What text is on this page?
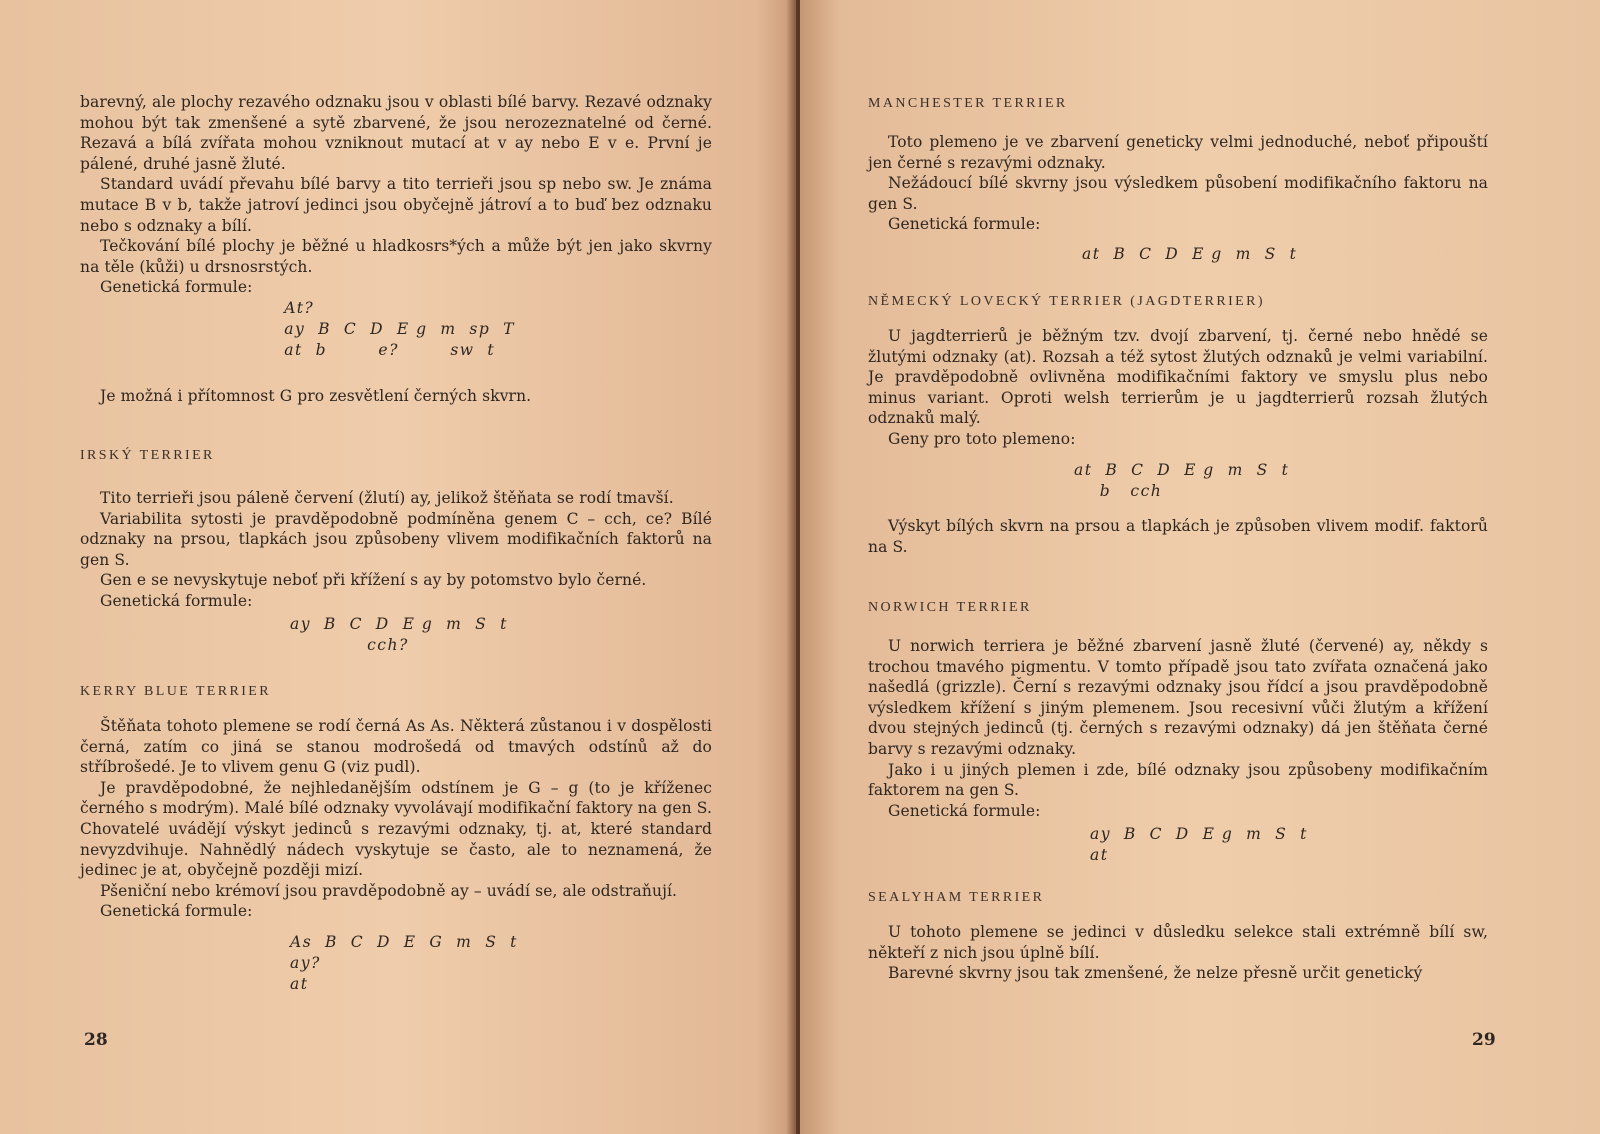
barevný, ale plochy rezavého odznaku jsou v oblasti bílé barvy. Rezavé odznaky mohou být tak zmenšené a sytě zbarvené, že jsou nerozeznatelné od černé. Rezavá a bílá zvířata mohou vzniknout mutací at v ay nebo E v e. První je pálené, druhé jasně žluté.

Standard uvádí převahu bílé barvy a tito terrieři jsou sp nebo sw. Je známa mutace B v b, takže jatroví jedinci jsou obyčejně játroví a to buď bez odznaku nebo s odznaky a bílí.

Tečkování bílé plochy je běžné u hladkosrs*ých a může být jen jako skvrny na těle (kůži) u drsnosrstých.

Genetická formule:

At?
ay  B  C  D  E g  m  sp  T
at  b        e?        sw  t

Je možná i přítomnost G pro zesvětlení černých skvrn.

IRSKÝ TERRIER

Tito terrieři jsou páleně červení (žlutí) ay, jelikož štěňata se rodí tmavší.

Variabilita sytosti je pravděpodobně podmíněna genem C – cch, ce? Bílé odznaky na prsou, tlapkách jsou způsobeny vlivem modifikačních faktorů na gen S.

Gen e se nevyskytuje neboť při křížení s ay by potomstvo bylo černé.

Genetická formule:

ay  B  C  D  E g  m  S  t
cch?
KERRY BLUE TERRIER

Štěňata tohoto plemene se rodí černá As As. Některá zůstanou i v dospělosti černá, zatím co jiná se stanou modrošedá od tmavých odstínů až do stříbrošedé. Je to vlivem genu G (viz pudl).

Je pravděpodobné, že nejhledanějším odstínem je G – g (to je kříženec černého s modrým). Malé bílé odznaky vyvolávají modifikační faktory na gen S. Chovatelé uvádějí výskyt jedinců s rezavými odznaky, tj. at, které standard nevyzdvihuje. Nahnědlý nádech vyskytuje se často, ale to neznamená, že jedinec je at, obyčejně později mizí.

Pšeniční nebo krémoví jsou pravděpodobně ay – uvádí se, ale odstraňují.

Genetická formule:

As  B  C  D  E  G  m  S  t
ay?
at
28
MANCHESTER TERRIER

Toto plemeno je ve zbarvení geneticky velmi jednoduché, neboť připouští jen černé s rezavými odznaky.

Nežádoucí bílé skvrny jsou výsledkem působení modifikačního faktoru na gen S.

Genetická formule:

at  B  C  D  E g  m  S  t
NĚMECKÝ LOVECKÝ TERRIER (JAGDTERRIER)

U jagdterrierů je běžným tzv. dvojí zbarvení, tj. černé nebo hnědé se žlutými odznaky (at). Rozsah a též sytost žlutých odznaků je velmi variabilní. Je pravděpodobně ovlivněna modifikačními faktory ve smyslu plus nebo minus variant. Oproti welsh terrierům je u jagdterrierů rozsah žlutých odznaků malý.

Geny pro toto plemeno:

at  B  C  D  E g  m  S  t
b   cch

Výskyt bílých skvrn na prsou a tlapkách je způsoben vlivem modif. faktorů na S.

NORWICH TERRIER

U norwich terriera je běžné zbarvení jasně žluté (červené) ay, někdy s trochou tmavého pigmentu. V tomto případě jsou tato zvířata označená jako našedlá (grizzle). Černí s rezavými odznaky jsou řídcí a jsou pravděpodobně výsledkem křížení s jiným plemenem. Jsou recesivní vůči žlutým a křížení dvou stejných jedinců (tj. černých s rezavými odznaky) dá jen štěňata černé barvy s rezavými odznaky.

Jako i u jiných plemen i zde, bílé odznaky jsou způsobeny modifikačním faktorem na gen S.

Genetická formule:

ay  B  C  D  E g  m  S  t
at
SEALYHAM TERRIER

U tohoto plemene se jedinci v důsledku selekce stali extrémně bílí sw, někteří z nich jsou úplně bílí.

Barevné skvrny jsou tak zmenšené, že nelze přesně určit genetický

29
